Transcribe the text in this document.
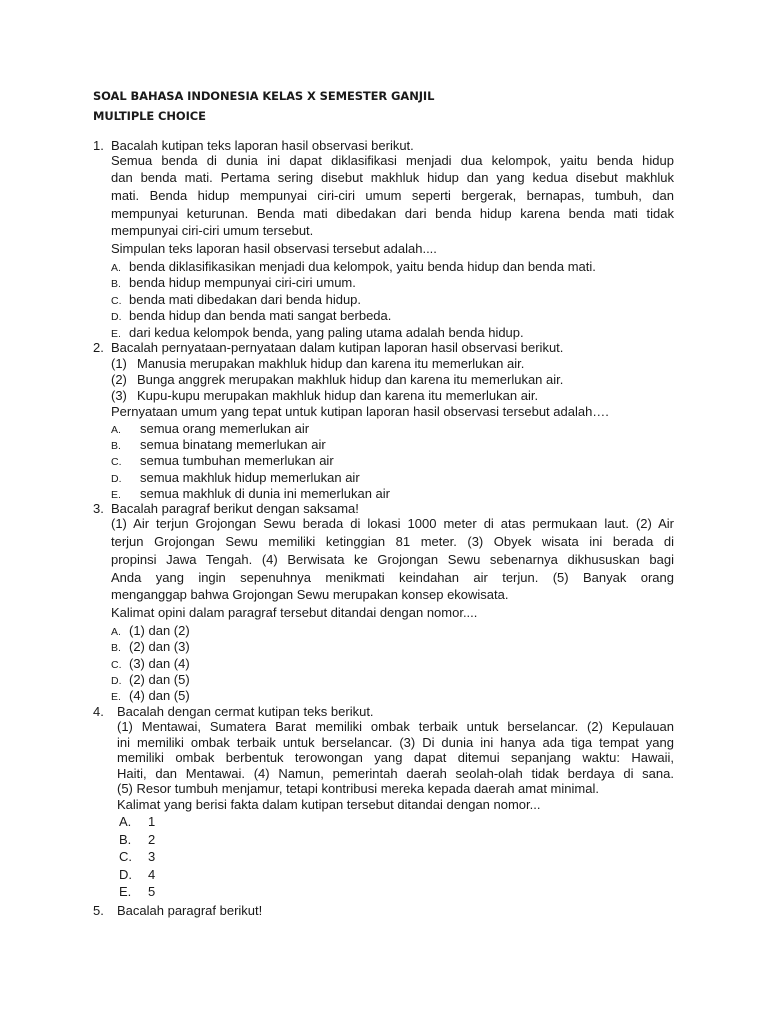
SOAL BAHASA INDONESIA KELAS X SEMESTER GANJIL
MULTIPLE CHOICE
1. Bacalah kutipan teks laporan hasil observasi berikut.
Semua benda di dunia ini dapat diklasifikasi menjadi dua kelompok, yaitu benda hidup
dan benda mati. Pertama sering disebut makhluk hidup dan yang kedua disebut makhluk
mati. Benda hidup mempunyai ciri-ciri umum seperti bergerak, bernapas, tumbuh, dan
mempunyai keturunan. Benda mati dibedakan dari benda hidup karena benda mati tidak
mempunyai ciri-ciri umum tersebut.
Simpulan teks laporan hasil observasi tersebut adalah....
A. benda diklasifikasikan menjadi dua kelompok, yaitu benda hidup dan benda mati.
B. benda hidup mempunyai ciri-ciri umum.
C. benda mati dibedakan dari benda hidup.
D. benda hidup dan benda mati sangat berbeda.
E. dari kedua kelompok benda, yang paling utama adalah benda hidup.
2. Bacalah pernyataan-pernyataan dalam kutipan laporan hasil observasi berikut.
(1) Manusia merupakan makhluk hidup dan karena itu memerlukan air.
(2) Bunga anggrek merupakan makhluk hidup dan karena itu memerlukan air.
(3) Kupu-kupu merupakan makhluk hidup dan karena itu memerlukan air.
Pernyataan umum yang tepat untuk kutipan laporan hasil observasi tersebut adalah….
A. semua orang memerlukan air
B. semua binatang memerlukan air
C. semua tumbuhan memerlukan air
D. semua makhluk hidup memerlukan air
E. semua makhluk di dunia ini memerlukan air
3. Bacalah paragraf berikut dengan saksama!
(1) Air terjun Grojongan Sewu berada di lokasi 1000 meter di atas permukaan laut. (2) Air
terjun Grojongan Sewu memiliki ketinggian 81 meter. (3) Obyek wisata ini berada di
propinsi Jawa Tengah. (4) Berwisata ke Grojongan Sewu sebenarnya dikhususkan bagi
Anda yang ingin sepenuhnya menikmati keindahan air terjun. (5) Banyak orang
menganggap bahwa Grojongan Sewu merupakan konsep ekowisata.
Kalimat opini dalam paragraf tersebut ditandai dengan nomor....
A. (1) dan (2)
B. (2) dan (3)
C. (3) dan (4)
D. (2) dan (5)
E. (4) dan (5)
4. Bacalah dengan cermat kutipan teks berikut.
(1) Mentawai, Sumatera Barat memiliki ombak terbaik untuk berselancar. (2) Kepulauan
ini memiliki ombak terbaik untuk berselancar. (3) Di dunia ini hanya ada tiga tempat yang
memiliki ombak berbentuk terowongan yang dapat ditemui sepanjang waktu: Hawaii,
Haiti, dan Mentawai. (4) Namun, pemerintah daerah seolah-olah tidak berdaya di sana.
(5) Resor tumbuh menjamur, tetapi kontribusi mereka kepada daerah amat minimal.
Kalimat yang berisi fakta dalam kutipan tersebut ditandai dengan nomor...
A. 1
B. 2
C. 3
D. 4
E. 5
5. Bacalah paragraf berikut!
